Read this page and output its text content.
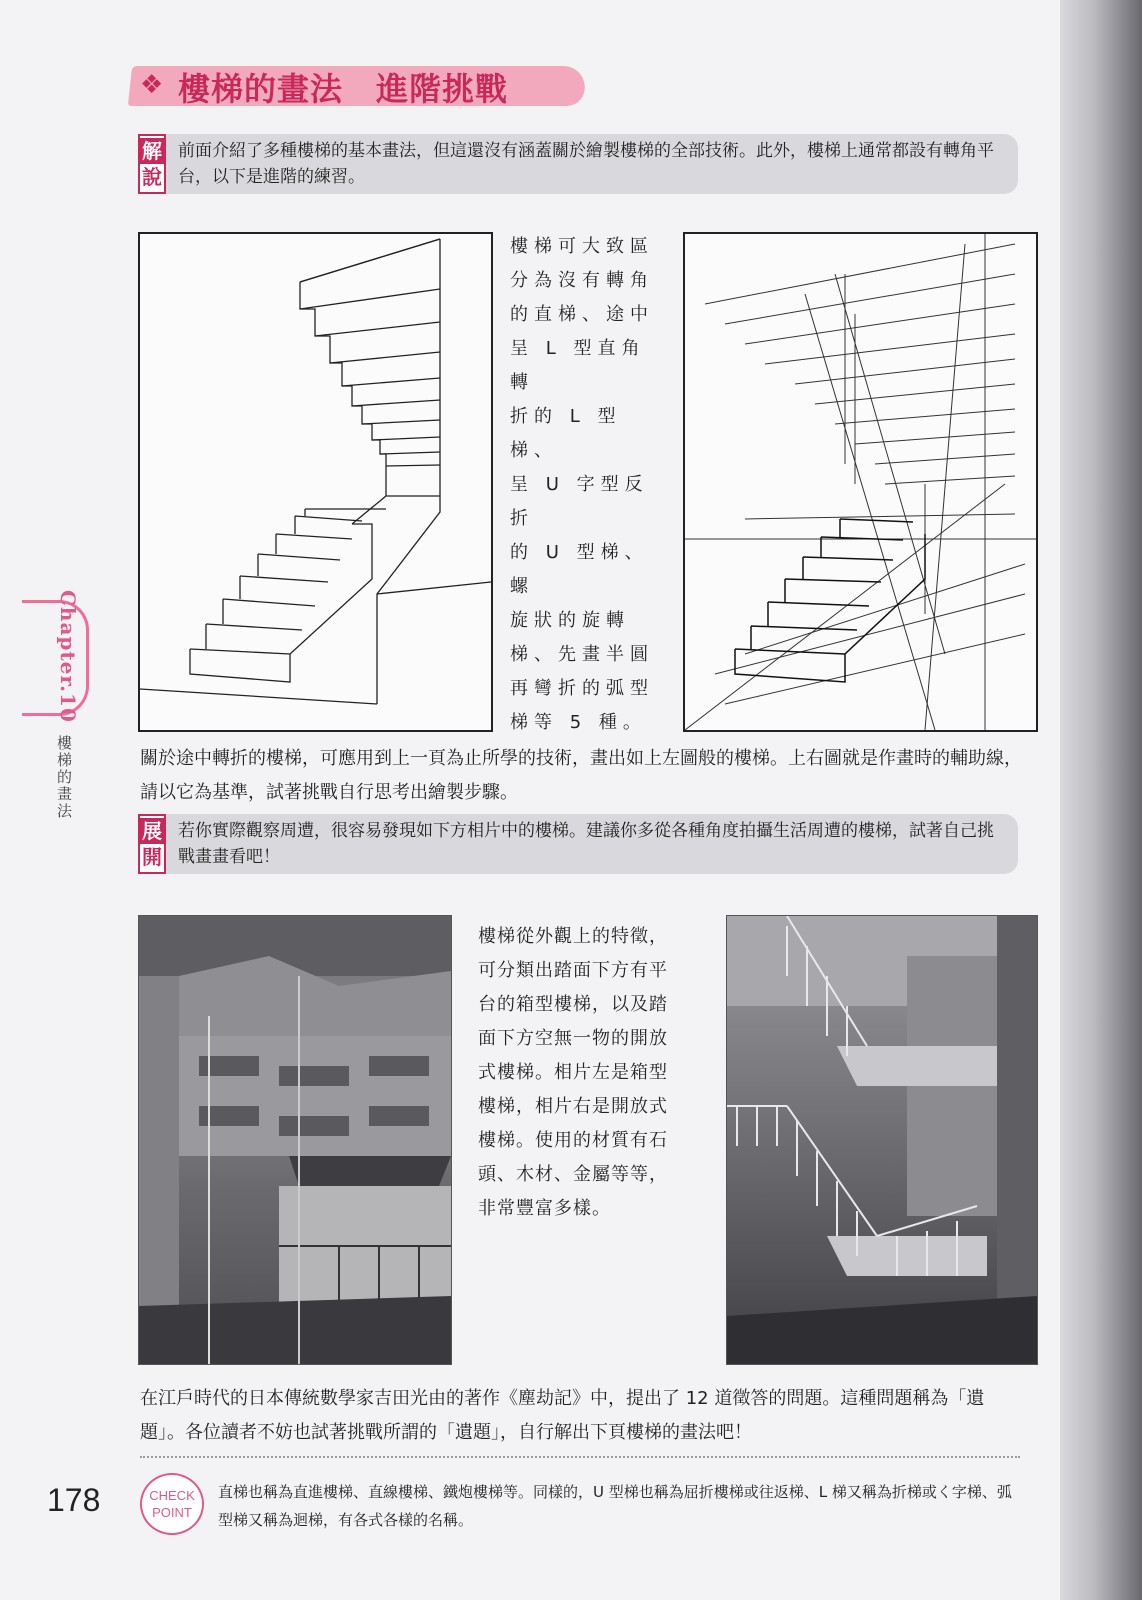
❖ 樓梯的畫法　進階挑戰
解
說
前面介紹了多種樓梯的基本畫法，但這還沒有涵蓋關於繪製樓梯的全部技術。此外，樓梯上通常都設有轉角平台，以下是進階的練習。
樓梯可大致區
分為沒有轉角
的直梯、途中
呈 L 型直角轉
折的 L 型梯、
呈 U 字型反折
的 U 型梯、螺
旋狀的旋轉
梯、先畫半圓
再彎折的弧型
梯等 5 種。
關於途中轉折的樓梯，可應用到上一頁為止所學的技術，畫出如上左圖般的樓梯。上右圖就是作畫時的輔助線，請以它為基準，試著挑戰自行思考出繪製步驟。
展
開
若你實際觀察周遭，很容易發現如下方相片中的樓梯。建議你多從各種角度拍攝生活周遭的樓梯，試著自己挑戰畫畫看吧！
樓梯從外觀上的特徵，
可分類出踏面下方有平
台的箱型樓梯，以及踏
面下方空無一物的開放
式樓梯。相片左是箱型
樓梯，相片右是開放式
樓梯。使用的材質有石
頭、木材、金屬等等，
非常豐富多樣。
在江戶時代的日本傳統數學家吉田光由的著作《塵劫記》中，提出了 12 道徵答的問題。這種問題稱為「遺題」。各位讀者不妨也試著挑戰所謂的「遺題」，自行解出下頁樓梯的畫法吧！
178	CHECK
POINT
直梯也稱為直進樓梯、直線樓梯、鐵炮樓梯等。同樣的，U 型梯也稱為屈折樓梯或往返梯、L 梯又稱為折梯或く字梯、弧型梯又稱為迴梯，有各式各樣的名稱。
Chapter.10
樓梯的畫法
